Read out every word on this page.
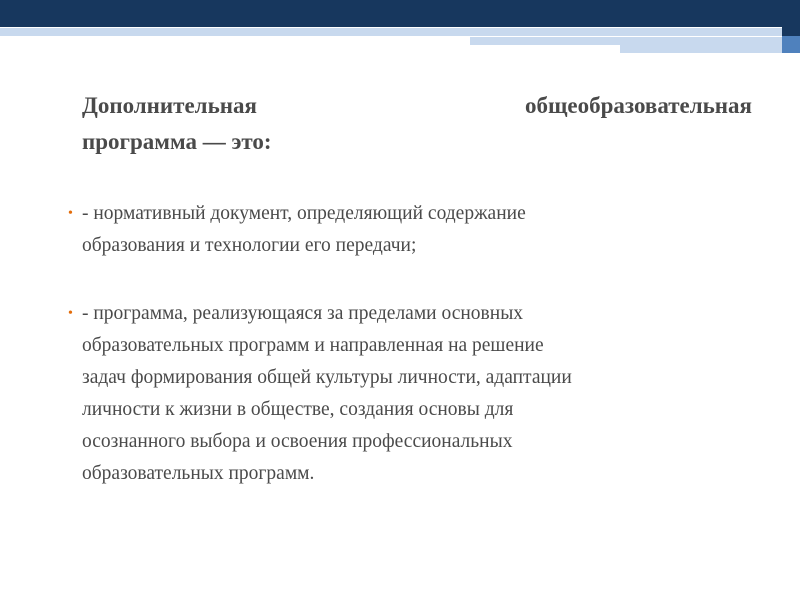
Дополнительная	общеобразовательная
программа — это:
• - нормативный документ, определяющий содержание
образования и технологии его передачи;
• - программа, реализующаяся за пределами основных
образовательных программ и направленная на решение
задач формирования общей культуры личности, адаптации
личности к жизни в обществе, создания основы для
осознанного выбора и освоения профессиональных
образовательных программ.
